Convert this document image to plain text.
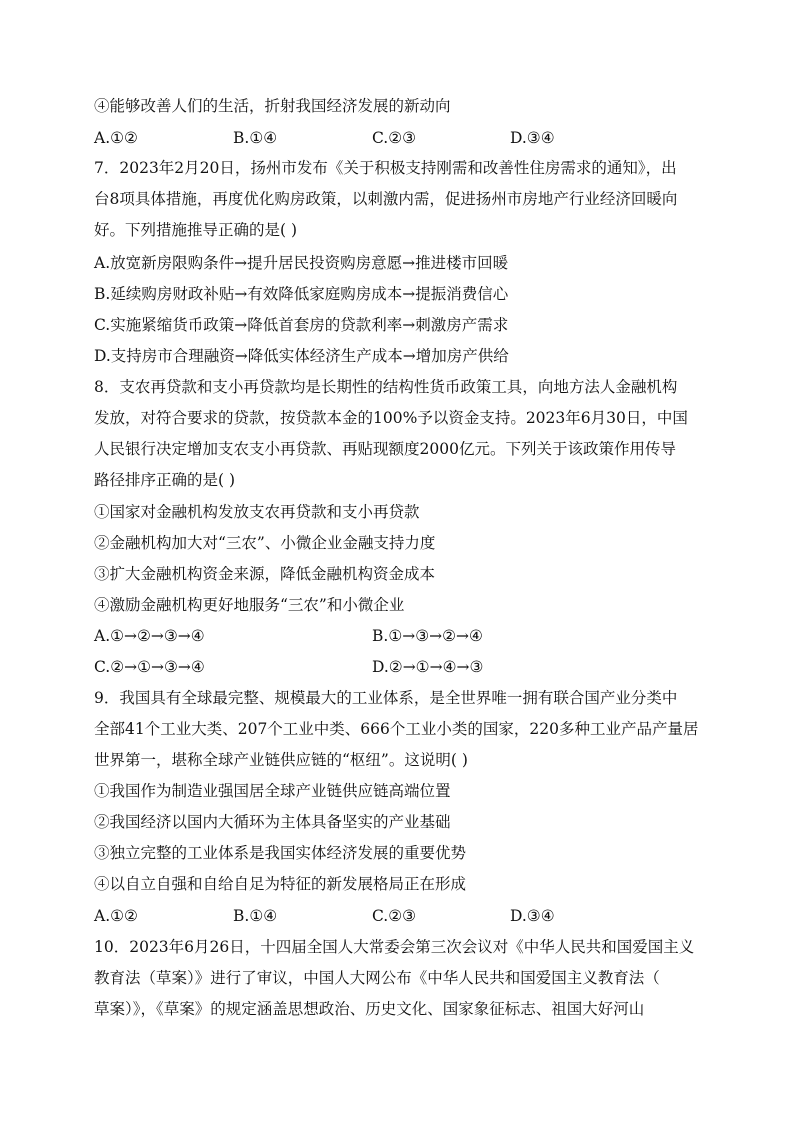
④能够改善人们的生活，折射我国经济发展的新动向
A.①②	B.①④	C.②③	D.③④
7．2023年2月20日，扬州市发布《关于积极支持刚需和改善性住房需求的通知》，出
台8项具体措施，再度优化购房政策，以刺激内需，促进扬州市房地产行业经济回暖向
好。下列措施推导正确的是( )
A.放宽新房限购条件→提升居民投资购房意愿→推进楼市回暖
B.延续购房财政补贴→有效降低家庭购房成本→提振消费信心
C.实施紧缩货币政策→降低首套房的贷款利率→刺激房产需求
D.支持房市合理融资→降低实体经济生产成本→增加房产供给
8．支农再贷款和支小再贷款均是长期性的结构性货币政策工具，向地方法人金融机构
发放，对符合要求的贷款，按贷款本金的100%予以资金支持。2023年6月30日，中国
人民银行决定增加支农支小再贷款、再贴现额度2000亿元。下列关于该政策作用传导
路径排序正确的是( )
①国家对金融机构发放支农再贷款和支小再贷款
②金融机构加大对“三农”、小微企业金融支持力度
③扩大金融机构资金来源，降低金融机构资金成本
④激励金融机构更好地服务“三农”和小微企业
A.①→②→③→④	B.①→③→②→④
C.②→①→③→④	D.②→①→④→③
9．我国具有全球最完整、规模最大的工业体系，是全世界唯一拥有联合国产业分类中
全部41个工业大类、207个工业中类、666个工业小类的国家，220多种工业产品产量居
世界第一，堪称全球产业链供应链的“枢纽”。这说明( )
①我国作为制造业强国居全球产业链供应链高端位置
②我国经济以国内大循环为主体具备坚实的产业基础
③独立完整的工业体系是我国实体经济发展的重要优势
④以自立自强和自给自足为特征的新发展格局正在形成
A.①②	B.①④	C.②③	D.③④
10．2023年6月26日，十四届全国人大常委会第三次会议对《中华人民共和国爱国主义
教育法（草案）》进行了审议，中国人大网公布《中华人民共和国爱国主义教育法（
草案）》，《草案》的规定涵盖思想政治、历史文化、国家象征标志、祖国大好河山
